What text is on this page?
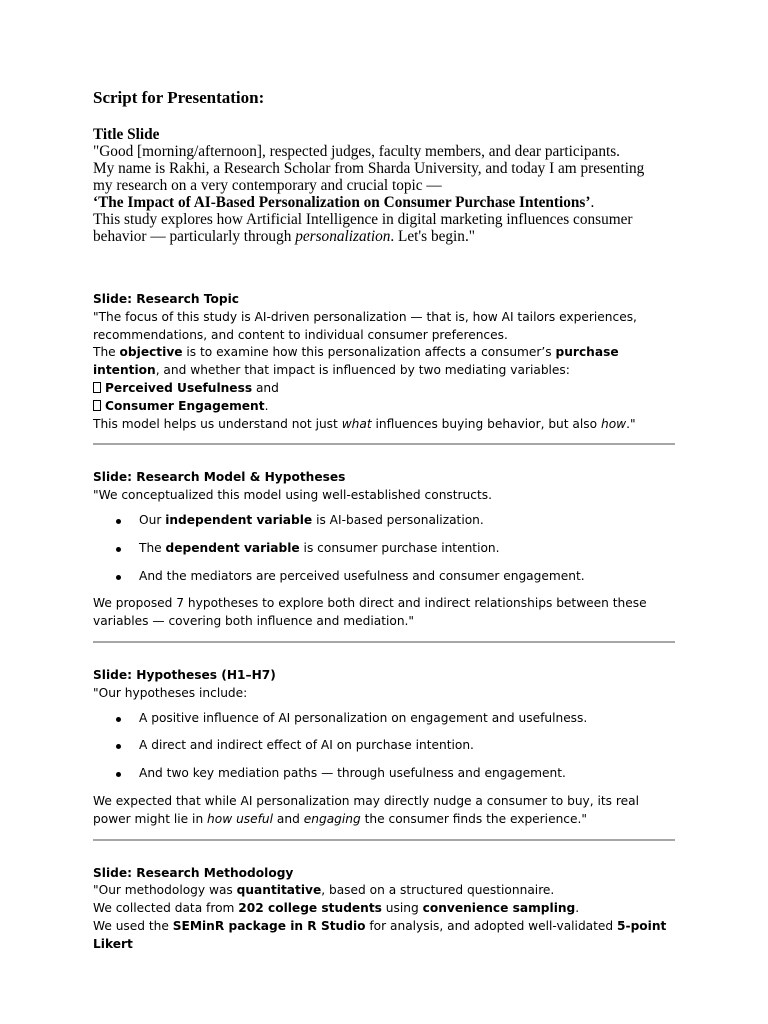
Script for Presentation:

Title Slide

"Good [morning/afternoon], respected judges, faculty members, and dear participants.

My name is Rakhi, a Research Scholar from Sharda University, and today I am presenting

my research on a very contemporary and crucial topic —

‘The Impact of AI-Based Personalization on Consumer Purchase Intentions’.

This study explores how Artificial Intelligence in digital marketing influences consumer

behavior — particularly through personalization. Let's begin."

Slide: Research Topic

"The focus of this study is AI-driven personalization — that is, how AI tailors experiences, recommendations, and content to individual consumer preferences.

The objective is to examine how this personalization affects a consumer’s purchase intention, and whether that impact is influenced by two mediating variables:

Perceived Usefulness and

Consumer Engagement.

This model helps us understand not just what influences buying behavior, but also how."

Slide: Research Model & Hypotheses

"We conceptualized this model using well-established constructs.

Our independent variable is AI-based personalization.
The dependent variable is consumer purchase intention.
And the mediators are perceived usefulness and consumer engagement.

We proposed 7 hypotheses to explore both direct and indirect relationships between these variables — covering both influence and mediation."

Slide: Hypotheses (H1–H7)

"Our hypotheses include:

A positive influence of AI personalization on engagement and usefulness.
A direct and indirect effect of AI on purchase intention.
And two key mediation paths — through usefulness and engagement.

We expected that while AI personalization may directly nudge a consumer to buy, its real power might lie in how useful and engaging the consumer finds the experience."

Slide: Research Methodology

"Our methodology was quantitative, based on a structured questionnaire.

We collected data from 202 college students using convenience sampling.

We used the SEMinR package in R Studio for analysis, and adopted well-validated 5-point Likert
